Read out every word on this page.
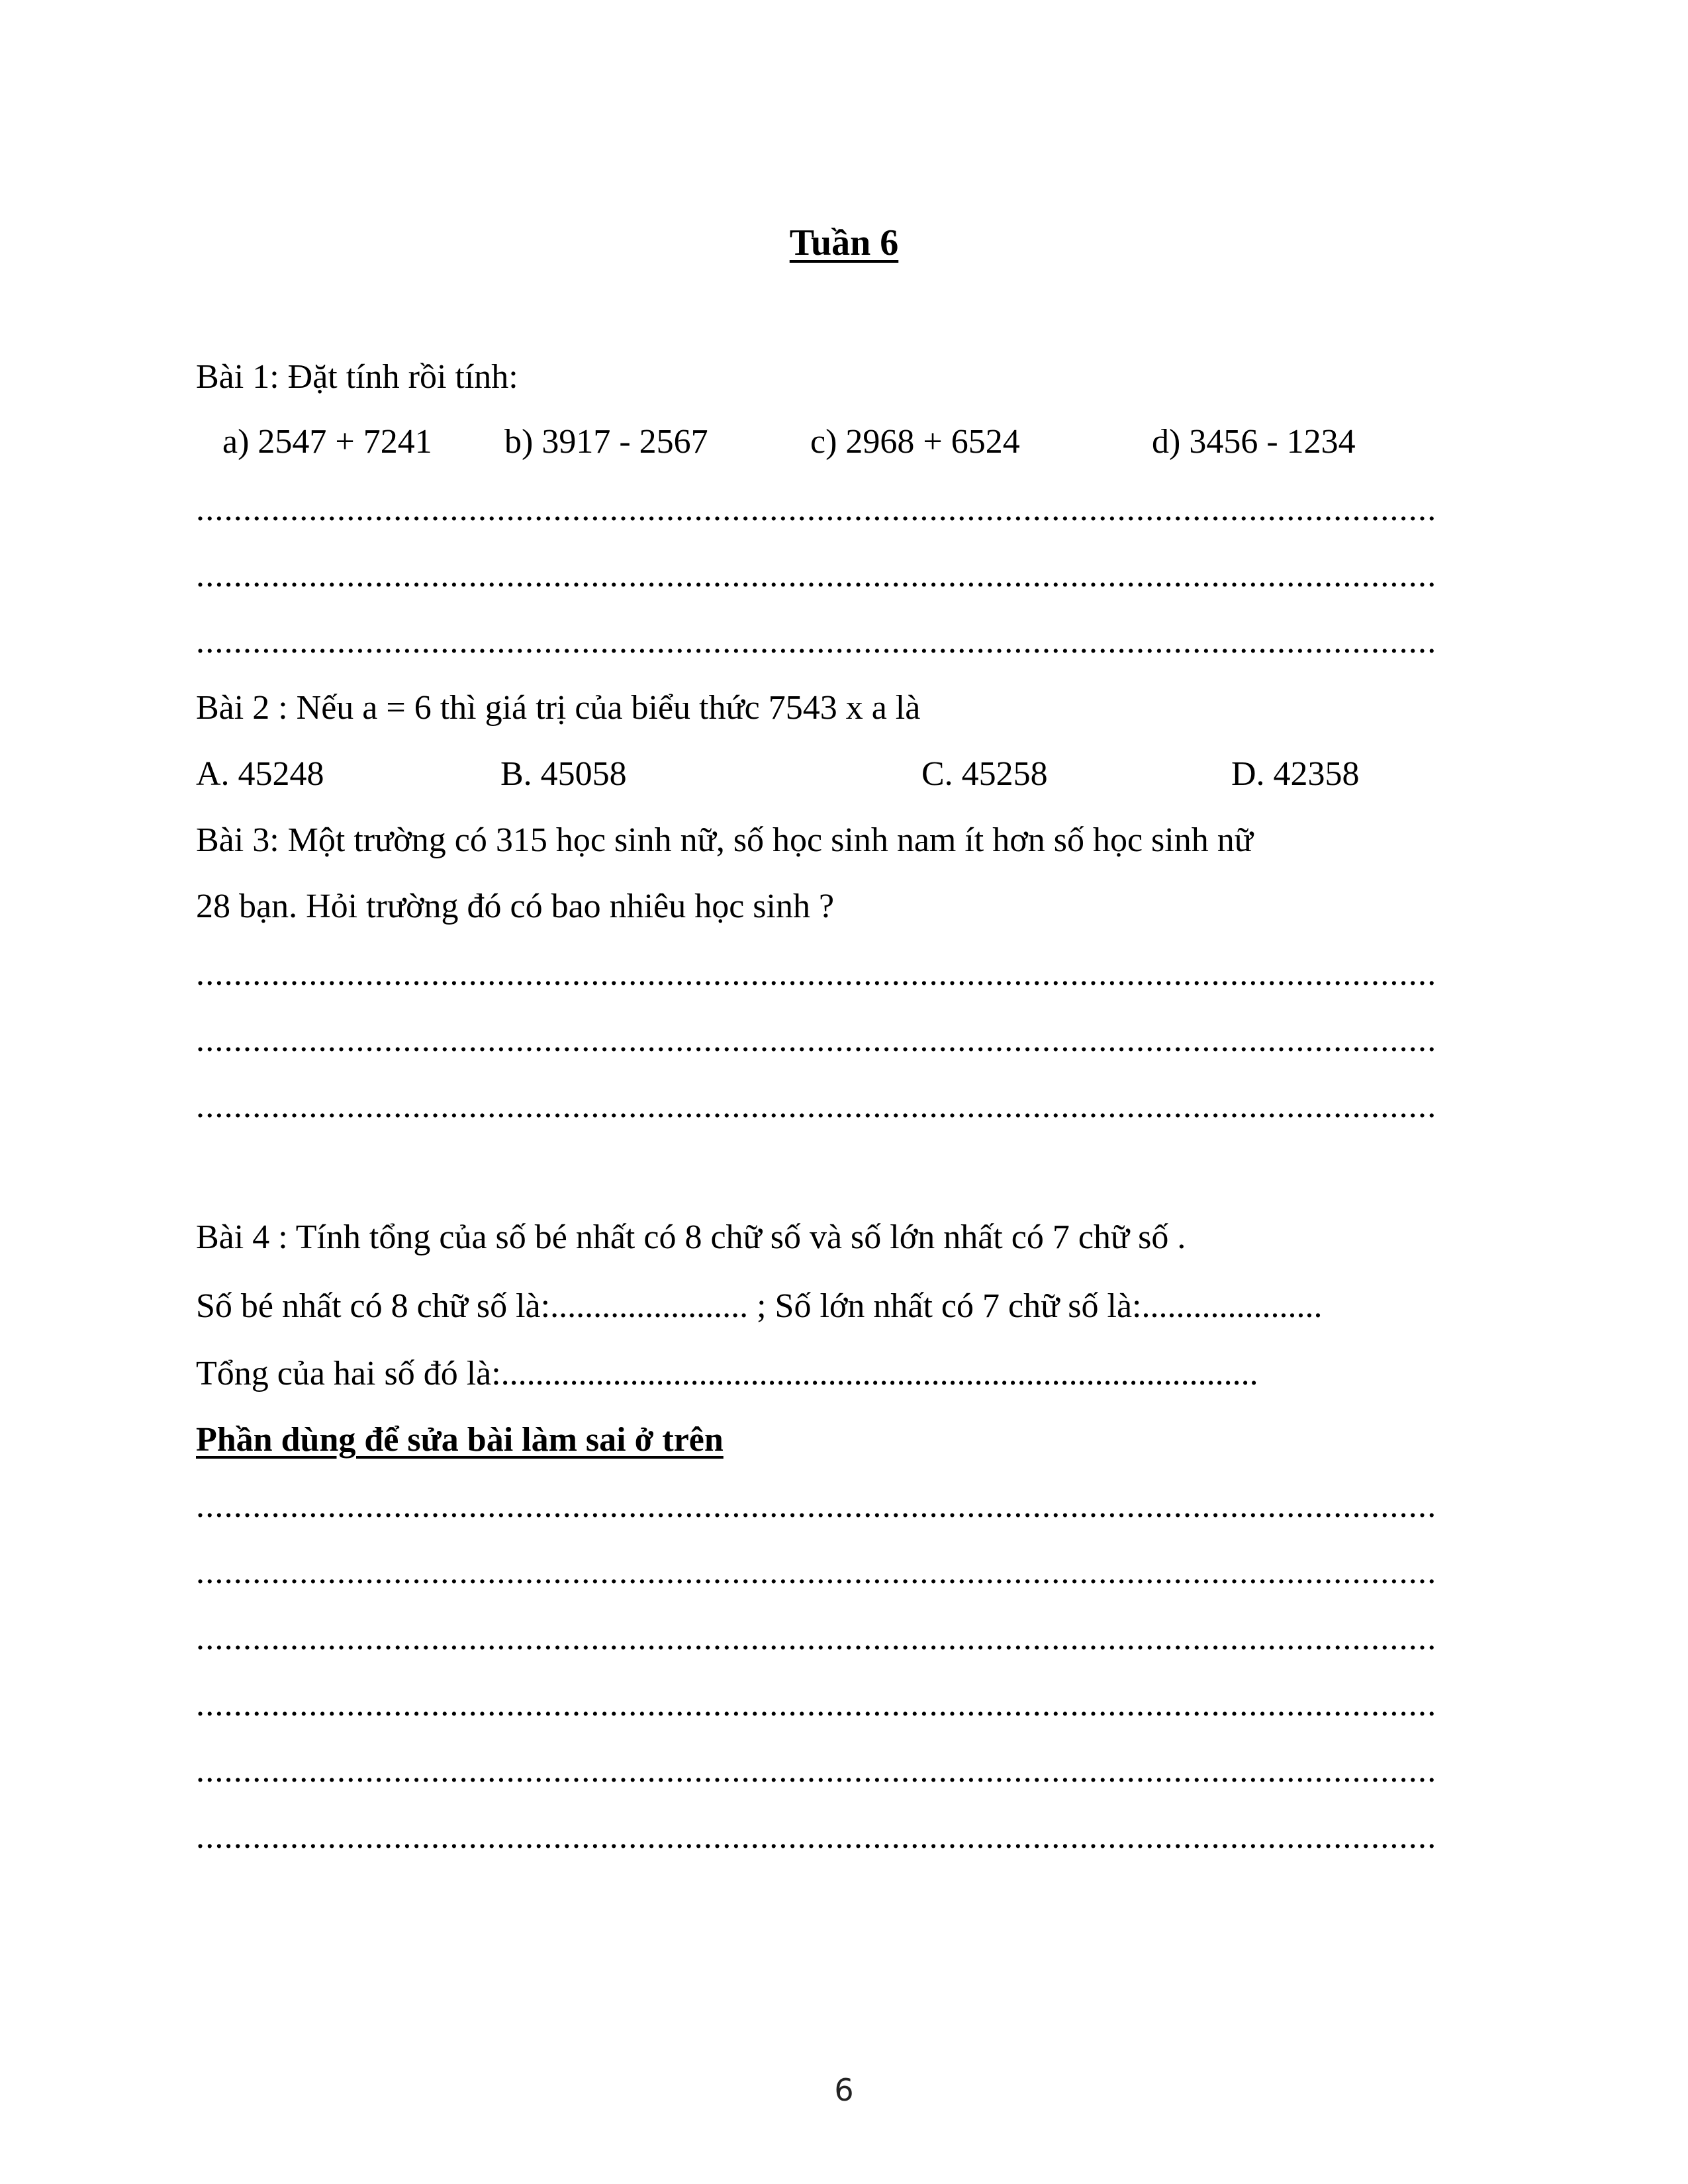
Tuần 6
Bài 1: Đặt tính rồi tính:
a) 2547 + 7241 b) 3917 - 2567	c) 2968 + 6524	d) 3456 - 1234
....................................................................................................................................
....................................................................................................................................
....................................................................................................................................
Bài 2 : Nếu a = 6 thì giá trị của biểu thức 7543 x a là
A. 45248	B. 45058	C. 45258	D. 42358
Bài 3: Một trường có 315 học sinh nữ, số học sinh nam ít hơn số học sinh nữ
28 bạn. Hỏi trường đó có bao nhiêu học sinh ?
....................................................................................................................................
....................................................................................................................................
....................................................................................................................................
Bài 4 : Tính tổng của số bé nhất có 8 chữ số và số lớn nhất có 7 chữ số .
Số bé nhất có 8 chữ số là:....................... ; Số lớn nhất có 7 chữ số là:.....................
Tổng của hai số đó là:........................................................................................
Phần dùng để sửa bài làm sai ở trên
....................................................................................................................................
....................................................................................................................................
....................................................................................................................................
....................................................................................................................................
....................................................................................................................................
....................................................................................................................................
6
